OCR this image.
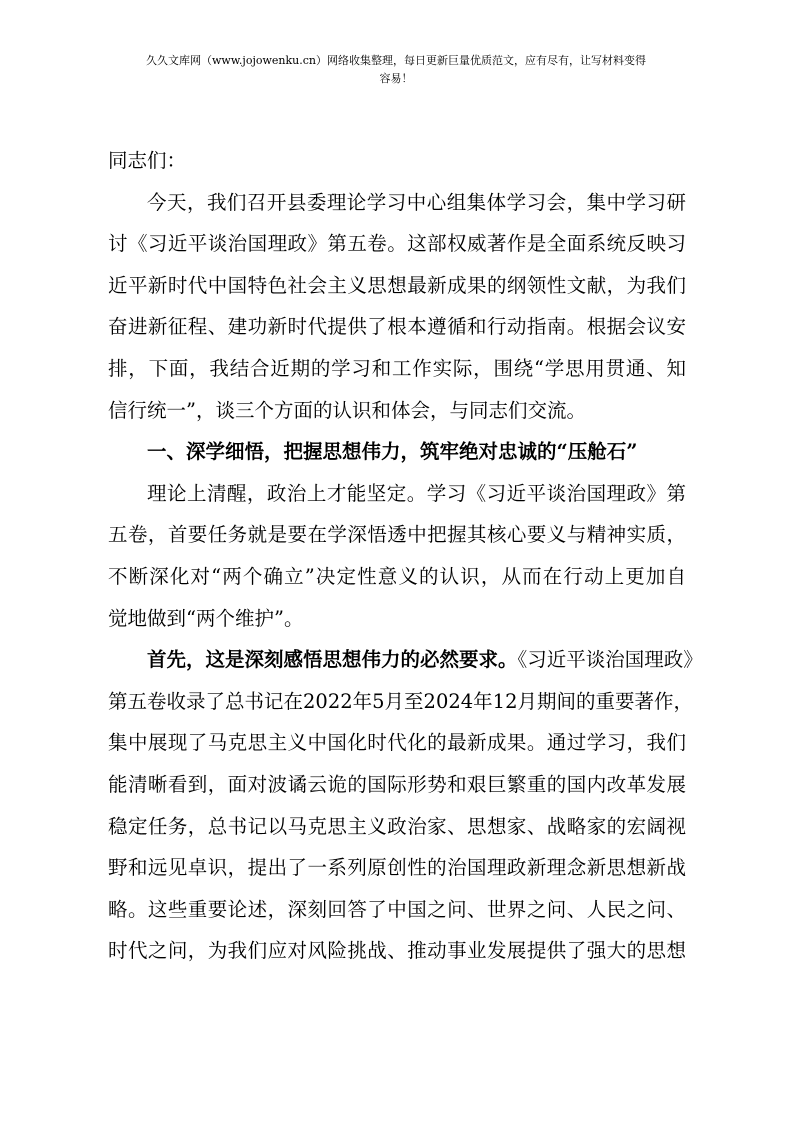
久久文库网（www.jojowenku.cn）网络收集整理，每日更新巨量优质范文，应有尽有，让写材料变得
容易！

同志们：

今天，我们召开县委理论学习中心组集体学习会，集中学习研

讨《习近平谈治国理政》第五卷。这部权威著作是全面系统反映习

近平新时代中国特色社会主义思想最新成果的纲领性文献，为我们

奋进新征程、建功新时代提供了根本遵循和行动指南。根据会议安

排，下面，我结合近期的学习和工作实际，围绕“学思用贯通、知

信行统一”，谈三个方面的认识和体会，与同志们交流。

一、深学细悟，把握思想伟力，筑牢绝对忠诚的“压舱石”

理论上清醒，政治上才能坚定。学习《习近平谈治国理政》第

五卷，首要任务就是要在学深悟透中把握其核心要义与精神实质，

不断深化对“两个确立”决定性意义的认识，从而在行动上更加自

觉地做到“两个维护”。

首先，这是深刻感悟思想伟力的必然要求。《习近平谈治国理政》

第五卷收录了总书记在2022年5月至2024年12月期间的重要著作，

集中展现了马克思主义中国化时代化的最新成果。通过学习，我们

能清晰看到，面对波谲云诡的国际形势和艰巨繁重的国内改革发展

稳定任务，总书记以马克思主义政治家、思想家、战略家的宏阔视

野和远见卓识，提出了一系列原创性的治国理政新理念新思想新战

略。这些重要论述，深刻回答了中国之问、世界之问、人民之问、

时代之问，为我们应对风险挑战、推动事业发展提供了强大的思想
